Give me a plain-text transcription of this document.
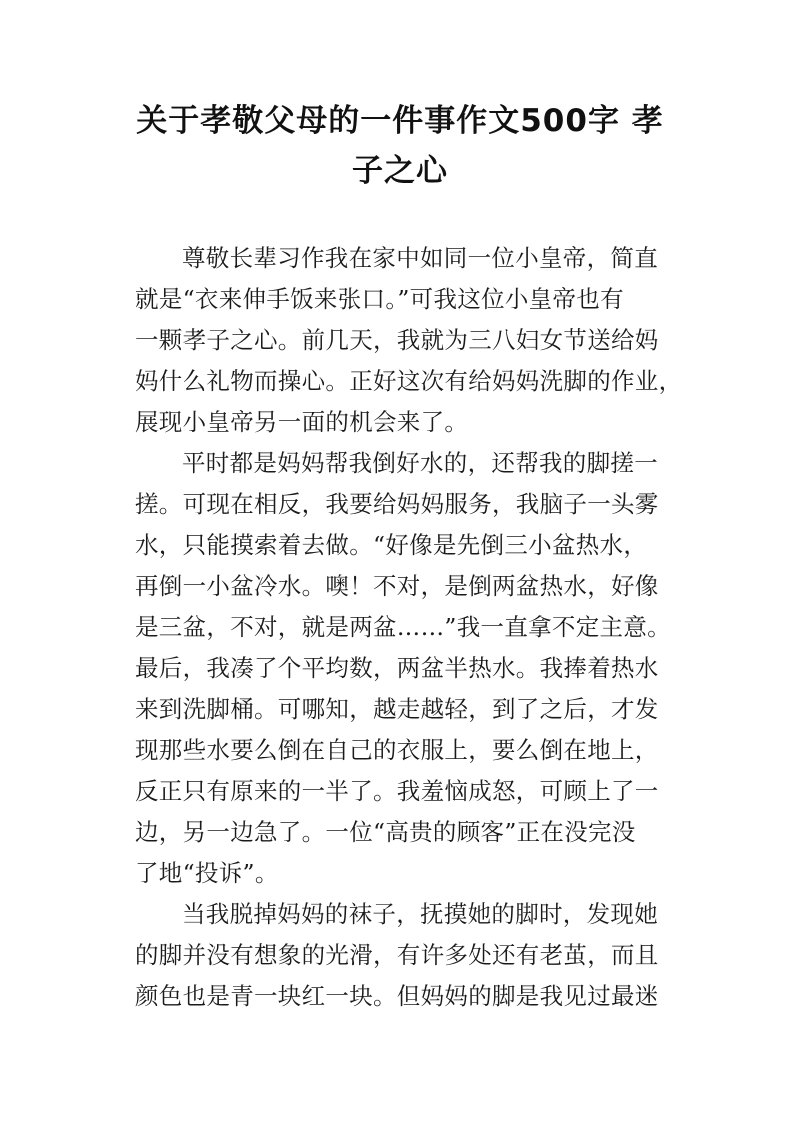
关于孝敬父母的一件事作文500字 孝
子之心
尊敬长辈习作我在家中如同一位小皇帝，简直
就是“衣来伸手饭来张口。”可我这位小皇帝也有
一颗孝子之心。前几天，我就为三八妇女节送给妈
妈什么礼物而操心。正好这次有给妈妈洗脚的作业，
展现小皇帝另一面的机会来了。
平时都是妈妈帮我倒好水的，还帮我的脚搓一
搓。可现在相反，我要给妈妈服务，我脑子一头雾
水，只能摸索着去做。“好像是先倒三小盆热水，
再倒一小盆冷水。噢！不对，是倒两盆热水，好像
是三盆，不对，就是两盆……”我一直拿不定主意。
最后，我凑了个平均数，两盆半热水。我捧着热水
来到洗脚桶。可哪知，越走越轻，到了之后，才发
现那些水要么倒在自己的衣服上，要么倒在地上，
反正只有原来的一半了。我羞恼成怒，可顾上了一
边，另一边急了。一位“高贵的顾客”正在没完没
了地“投诉”。
当我脱掉妈妈的袜子，抚摸她的脚时，发现她
的脚并没有想象的光滑，有许多处还有老茧，而且
颜色也是青一块红一块。但妈妈的脚是我见过最迷
